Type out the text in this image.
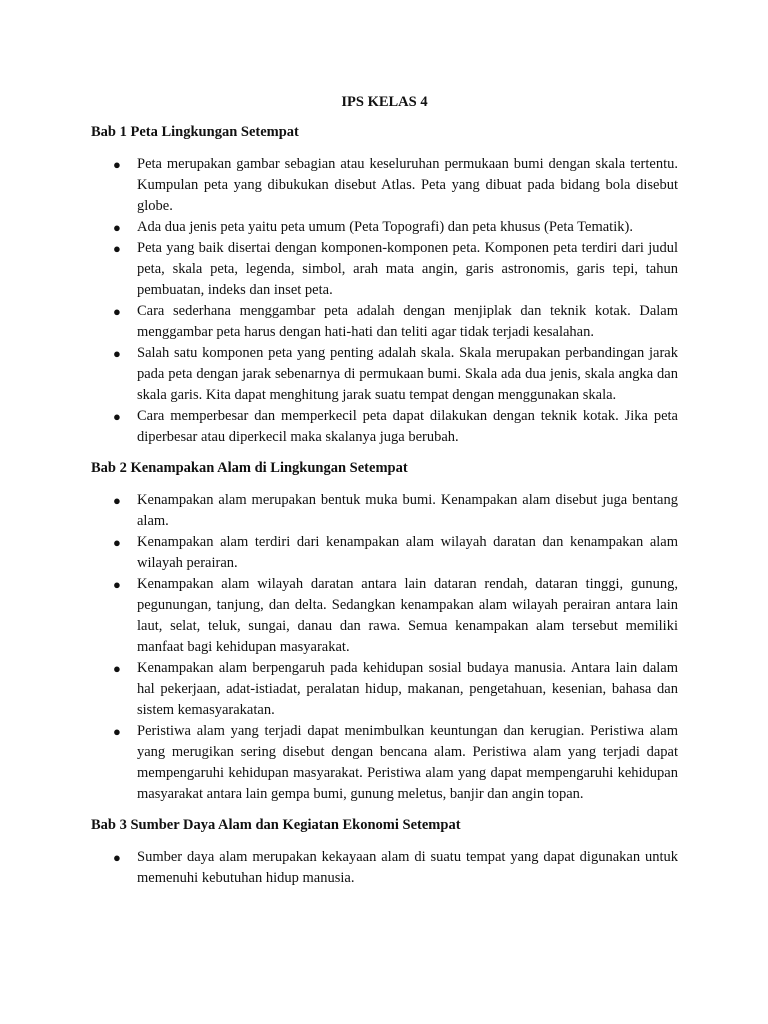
IPS KELAS 4
Bab 1 Peta Lingkungan Setempat
● Peta merupakan gambar sebagian atau keseluruhan permukaan bumi dengan skala tertentu. Kumpulan peta yang dibukukan disebut Atlas. Peta yang dibuat pada bidang bola disebut globe.
● Ada dua jenis peta yaitu peta umum (Peta Topografi) dan peta khusus (Peta Tematik).
● Peta yang baik disertai dengan komponen-komponen peta. Komponen peta terdiri dari judul peta, skala peta, legenda, simbol, arah mata angin, garis astronomis, garis tepi, tahun pembuatan, indeks dan inset peta.
● Cara sederhana menggambar peta adalah dengan menjiplak dan teknik kotak. Dalam menggambar peta harus dengan hati-hati dan teliti agar tidak terjadi kesalahan.
● Salah satu komponen peta yang penting adalah skala. Skala merupakan perbandingan jarak pada peta dengan jarak sebenarnya di permukaan bumi. Skala ada dua jenis, skala angka dan skala garis. Kita dapat menghitung jarak suatu tempat dengan menggunakan skala.
● Cara memperbesar dan memperkecil peta dapat dilakukan dengan teknik kotak. Jika peta diperbesar atau diperkecil maka skalanya juga berubah.
Bab 2 Kenampakan Alam di Lingkungan Setempat
● Kenampakan alam merupakan bentuk muka bumi. Kenampakan alam disebut juga bentang alam.
● Kenampakan alam terdiri dari kenampakan alam wilayah daratan dan kenampakan alam wilayah perairan.
● Kenampakan alam wilayah daratan antara lain dataran rendah, dataran tinggi, gunung, pegunungan, tanjung, dan delta. Sedangkan kenampakan alam wilayah perairan antara lain laut, selat, teluk, sungai, danau dan rawa. Semua kenampakan alam tersebut memiliki manfaat bagi kehidupan masyarakat.
● Kenampakan alam berpengaruh pada kehidupan sosial budaya manusia. Antara lain dalam hal pekerjaan, adat-istiadat, peralatan hidup, makanan, pengetahuan, kesenian, bahasa dan sistem kemasyarakatan.
● Peristiwa alam yang terjadi dapat menimbulkan keuntungan dan kerugian. Peristiwa alam yang merugikan sering disebut dengan bencana alam. Peristiwa alam yang terjadi dapat mempengaruhi kehidupan masyarakat. Peristiwa alam yang dapat mempengaruhi kehidupan masyarakat antara lain gempa bumi, gunung meletus, banjir dan angin topan.
Bab 3 Sumber Daya Alam dan Kegiatan Ekonomi Setempat
● Sumber daya alam merupakan kekayaan alam di suatu tempat yang dapat digunakan untuk memenuhi kebutuhan hidup manusia.
